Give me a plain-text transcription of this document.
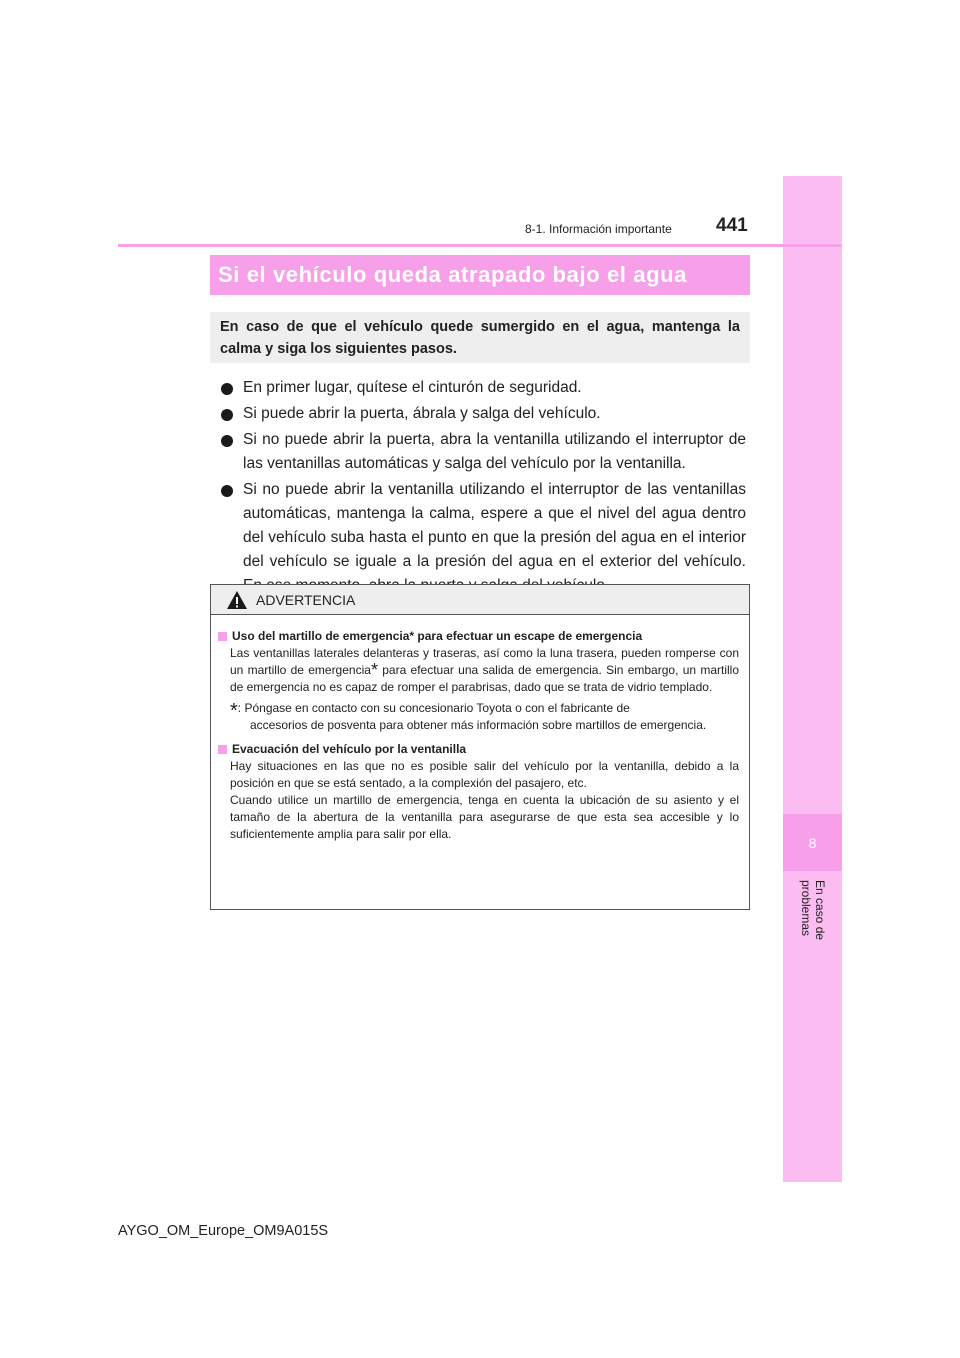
8
En caso de problemas
8-1. Información importante 441
Si el vehículo queda atrapado bajo el agua
En caso de que el vehículo quede sumergido en el agua, mantenga la calma y siga los siguientes pasos.
En primer lugar, quítese el cinturón de seguridad.
Si puede abrir la puerta, ábrala y salga del vehículo.
Si no puede abrir la puerta, abra la ventanilla utilizando el interruptor de las ventanillas automáticas y salga del vehículo por la ventanilla.
Si no puede abrir la ventanilla utilizando el interruptor de las ventanillas automáticas, mantenga la calma, espere a que el nivel del agua dentro del vehículo suba hasta el punto en que la presión del agua en el interior del vehículo se iguale a la presión del agua en el exterior del vehículo.
ADVERTENCIA

Uso del martillo de emergencia* para efectuar un escape de emergencia

Las ventanillas laterales delanteras y traseras, así como la luna trasera, pueden romperse con un martillo de emergencia* para efectuar una salida de emergencia. Sin embargo, un martillo de emergencia no es capaz de romper el parabrisas, dado que se trata de vidrio templado.

*: Póngase en contacto con su concesionario Toyota o con el fabricante de
accesorios de posventa para obtener más información sobre martillos de emergencia.

Evacuación del vehículo por la ventanilla

Hay situaciones en las que no es posible salir del vehículo por la ventanilla, debido a la posición en que se está sentado, a la complexión del pasajero, etc.
Cuando utilice un martillo de emergencia, tenga en cuenta la ubicación de su asiento y el tamaño de la abertura de la ventanilla para asegurarse de que esta sea accesible y lo suficientemente amplia para salir por ella.

AYGO_OM_Europe_OM9A015S
